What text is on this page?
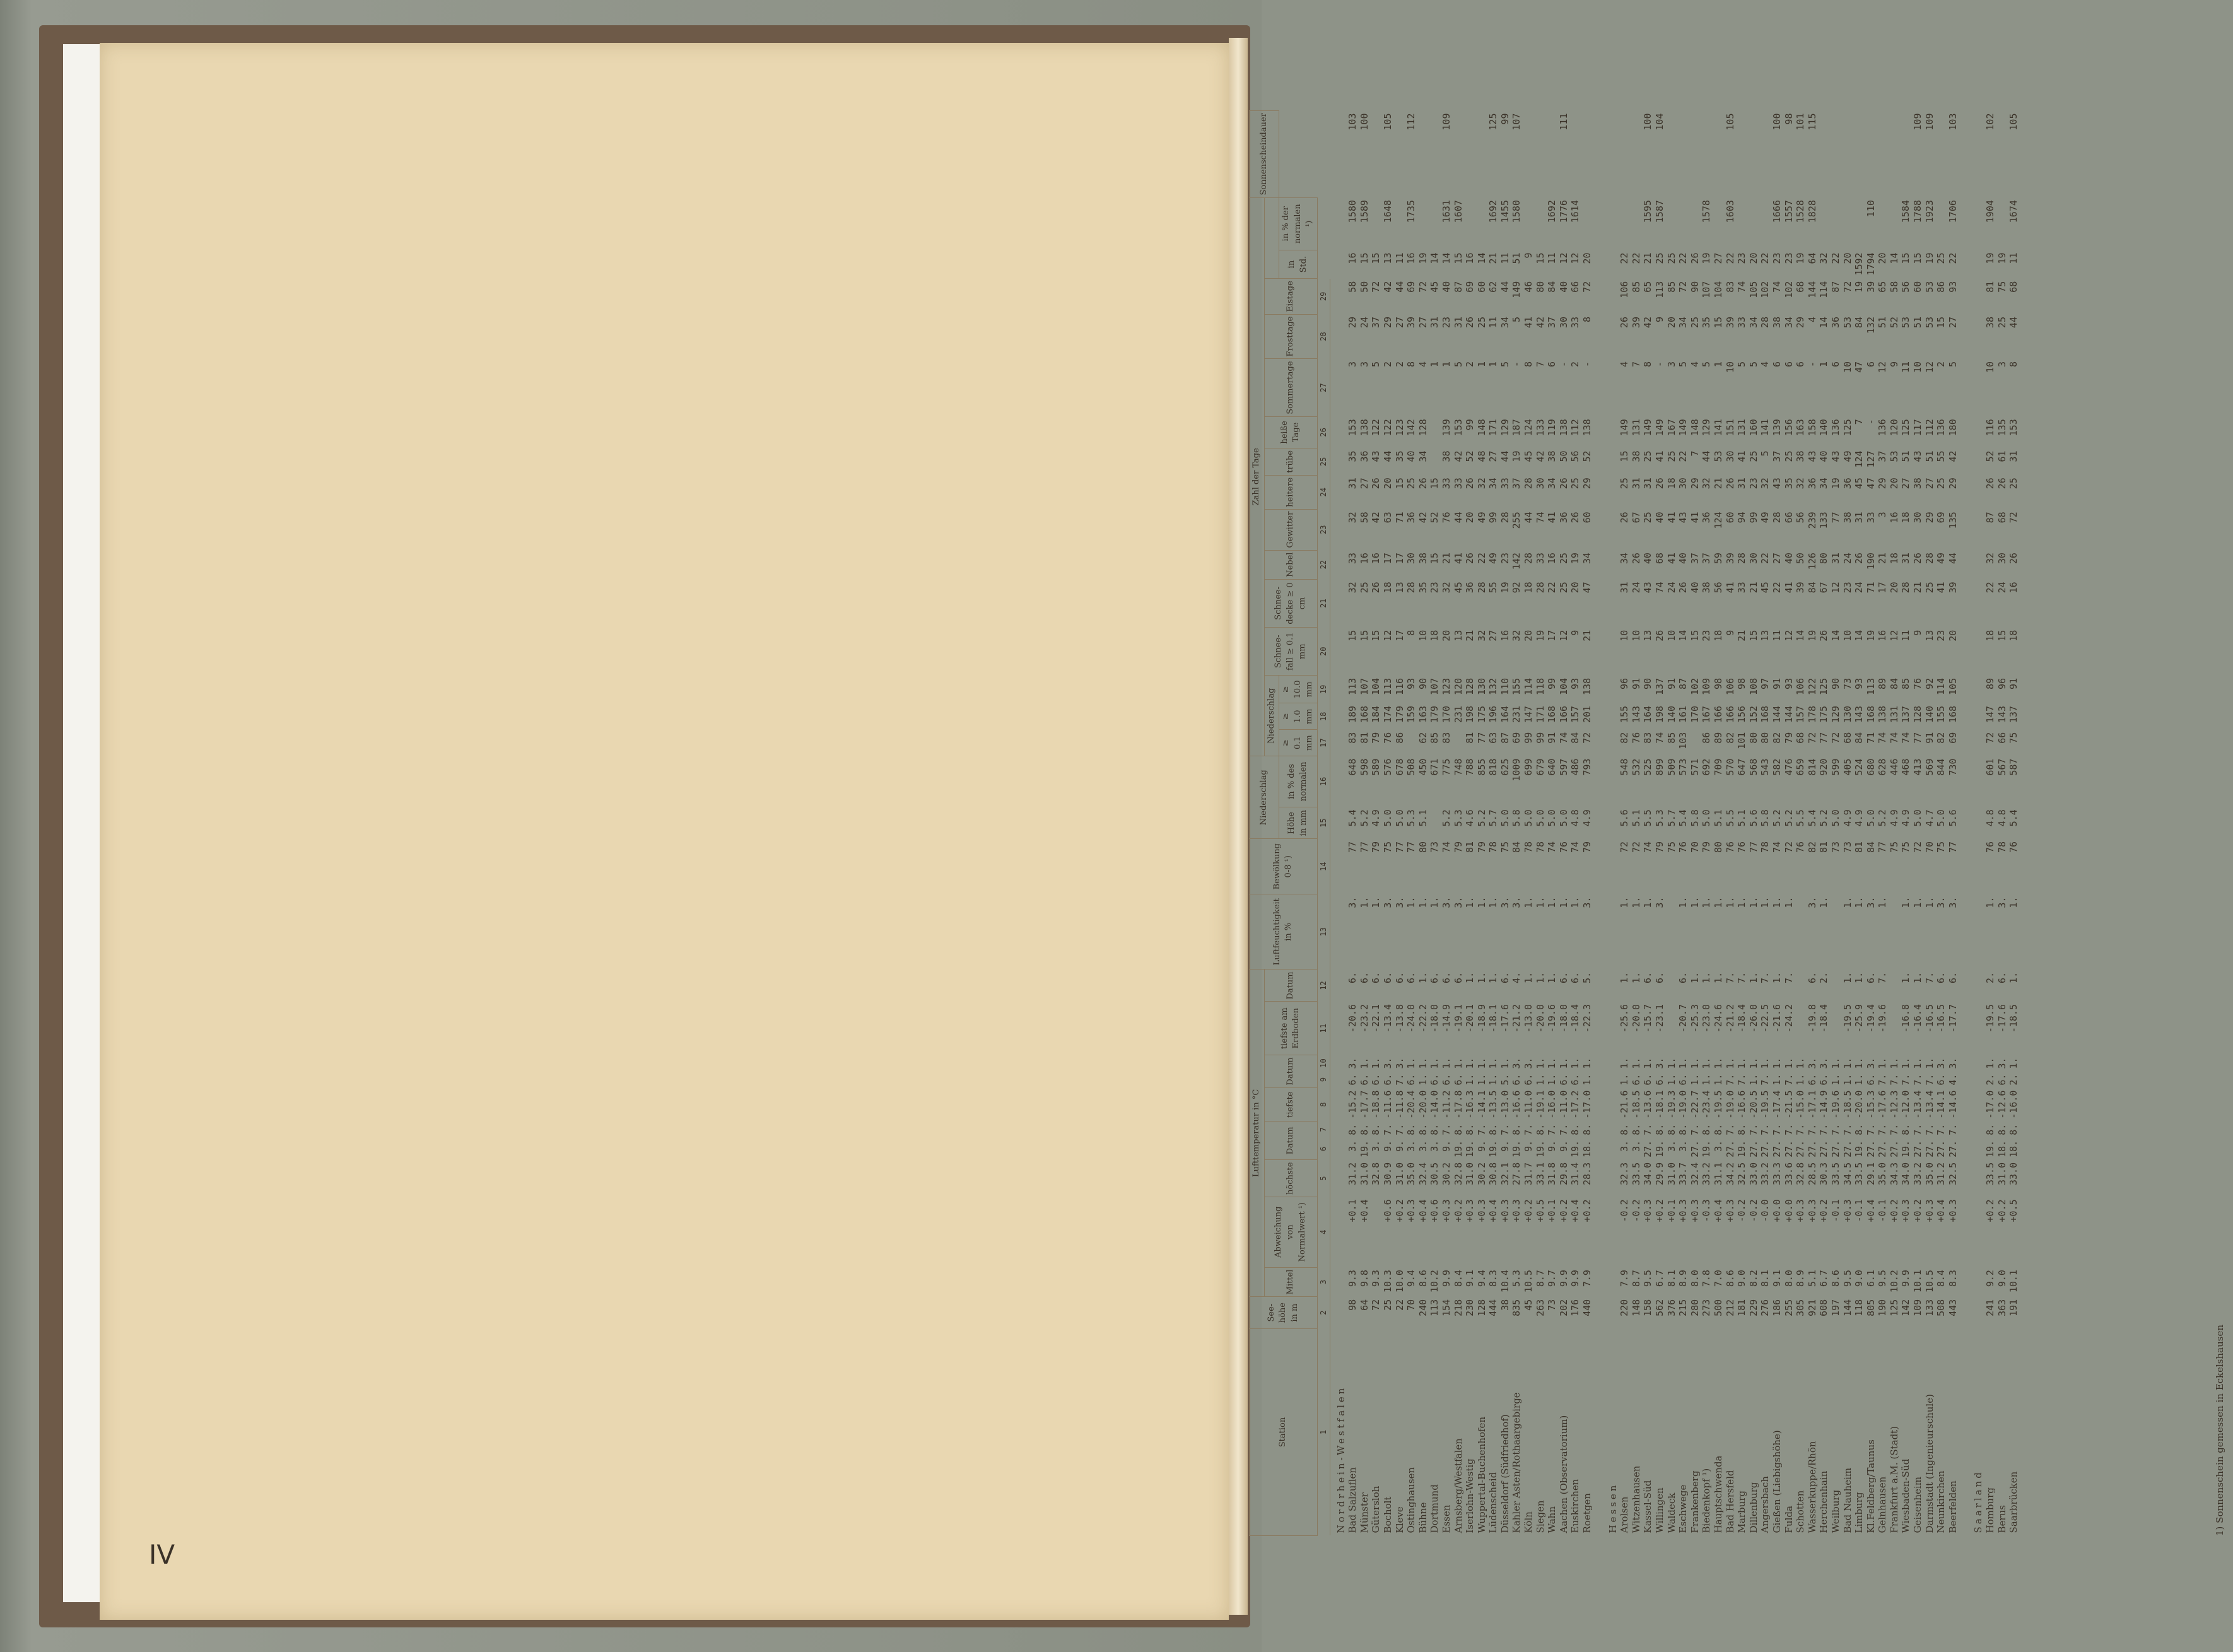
IV
Station	See-höhe in m	Lufttemperatur in °C										Luftfeuchtigkeit in %	Bewölkung 0-8 ¹)	Niederschlag		Zahl der Tage															Sonnenscheindauer
		Mittel	Abweichung von Normalwert ¹)	höchste	Datum		tiefste	Datum		tiefste am Erdboden	Datum					Niederschlag			Schnee-fall ≥ 0.1 mm	Schnee-decke ≥ 0 cm	Nebel	Gewitter	heitere	trübe	heiße Tage	Sommertage	Frosttage	Eistage			
														Höhe in mm	in % des normalen	≥ 0.1 mm	≥ 1.0 mm	≥ 10.0 mm											in Std.	in % der normalen ¹)	
1	2	3	4	5	6	7	8	9	10	11	12	13	14	15	16	17	18	19	20	21	22	23	24	25	26	27	28	29			
Nordrhein-Westfalen																															
Bad Salzuflen	98	9.3	+0.1	31.2	3.	8.	-15.2	6.	3.	-20.6	6.	3.	77	5.4	648	83	189	113	15	32	33	32	31	35	153	3	29	58	16	1580	103
Münster	64	9.8	+0.4	31.0	19.	8.	-17.7	6.	1.	-23.2	6.	1.	77	5.2	598	81	168	107	15	25	16	58	27	36	138	3	24	50	15	1589	100
Gütersloh	72	9.3		32.8	3.	8.	-18.8	6.	1.	-22.1	6.	1.	79	4.9	589	79	184	104	15	26	16	42	26	43	122	5	37	72	15		
Bocholt	25	10.3	+0.6	30.9	9.	7.	-11.6	6.	3.	-13.4	6.	3.	75	5.0	576	76	174	113	12	18	17	63	20	44	122	2	29	42	13	1648	105
Kleve	22	10.0	+0.2	31.0	9.	7.	-11.8	7.	3.	-13.8	6.	3.	77	5.0	678	86	179	116	17	13	17	71	15	35	123	2	27	44	11		
Ostinghausen	70	9.4	+0.3	35.0	3.	8.	-20.4	6.	1.	-24.0	6.	1.	77	5.3	508		159	93	8	28	30	36	25	40	142	8	39	69	16	1735	112
Bühne	240	8.6	+0.4	32.4	3.	8.	-20.0	1.	1.	-22.2	1.	1.	80	5.1	450	62	163	90	10	35	38	42	26	34	128	4	27	72	19		
Dortmund	113	10.2	+0.6	30.5	3.	8.	-14.0	6.	1.	-18.0	6.	1.	73		671	85	179	107	18	23	15	52	15			1	31	45	14		
Essen	154	9.9	+0.3	30.2	9.	7.	-11.2	6.	1.	-14.9	6.	3.	74	5.2	775	83	170	123	20	32	21	76	33	38	139	1	23	40	14	1631	109
Arnsberg/Westfalen	218	8.4	+0.2	32.8	19.	8.	-17.8	6.	1.	-19.1	6.	3.	79	5.3	748		231	120	13	45	41	44	33	42	153	5	31	87	15	1607	
Iserlohn-Westig	230	9.1	+0.3	31.0	19.	8.	-16.3	1.	1.	-20.1	1.	1.	81	4.6	788	81	198	128	21	36	26	20	26	52	99	2	26	69	16		
Wuppertal-Buchenhofen	128	9.4	+0.3	30.2	9.	7.	-14.1	1.	1.	-18.9	1.	1.	79	5.2	855	77	175	130	32	28	22	49	32	48	148	1	25	60	14		
Lüdenscheid	444	8.3	+0.4	30.8	19.	8.	-13.5	1.	1.	-18.1	1.	1.	78	5.7	818	63	196	132	27	55	49	99	34	27	171	1	11	62	21	1692	125
Düsseldorf (Südfriedhof)	38	10.4	+0.3	32.1	9.	7.	-13.0	5.	1.	-17.6	6.	3.	75	5.0	625	87	164	110	16	19	23	28	33	44	129	5	34	44	11	1455	99
Kahler Asten/Rothaargebirge	835	5.3	+0.3	27.8	19.	8.	-16.6	6.	3.	-21.2	4.	3.	84	5.8	1009	69	231	155	32	92	142	255	37	19	187	-	5	149	51	1580	107
Köln	45	10.5	+0.2	31.7	9.	7.	-11.0	6.	3.	-13.0	1.	1.	78	5.0	699	99	147	114	20	18	28	44	28	45	124	8	41	46	9		
Siegen	263	8.7	+0.5	33.1	19.	8.	-19.1	1.	1.	-20.0	1.	1.	78	5.0	679	99	171	118	19	28	33	74	30	42	133	7	42	80	15		
Wahn	73	9.7	+0.1	31.8	9.	7.	-16.0	1.	1.	-19.6	1.	1.	74	5.0	640	91	168	99	17	22	16	41	34	38	119	6	37	84	11	1692	
Aachen (Observatorium)	202	9.9	+0.2	29.8	9.	7.	-11.0	6.	1.	-18.0	6.	1.	76	5.0	597	74	166	104	12	25	25	36	26	50	138	-	30	40	12	1776	111
Euskirchen	176	9.9	+0.4	31.4	19.	8.	-17.2	6.	1.	-18.4	6.	1.	74	4.8	486	84	157	93	9	20	19	26	25	56	112	2	33	66	12	1614	
Roetgen	440	7.9	+0.2	28.3	18.	8.	-17.0	1.	1.	-22.3	5.	3.	79	4.9	793	72	201	138	21	47	34	60	29	52	138	-	8	72	20		

Hessen																															
Arolsen	220	7.9	-0.2	32.3	3.	8.	-21.6	1.	1.	-25.6	1.	1.	72	5.6	548	82	155	96	10	31	34	26	25	15	149	4	26	106	22		
Witzenhausen	148	8.7	-0.2	33.5	3.	8.	-18.5	6.	1.	-20.0	1.	1.	72	5.1	532	76	143	91	10	24	26	67	31	38	131	7	39	85	22		
Kassel-Süd	158	9.5	+0.3	34.0	27.	7.	-13.6	6.	1.	-15.7	6.	1.	74	5.5	525	83	164	90	13	43	40	25	31	25	149	8	42	65	21	1595	100
Willingen	562	6.7	+0.2	29.9	19.	8.	-18.1	6.	3.	-23.1	6.	3.	79	5.3	899	74	198	137	26	74	68	40	26	41	149	-	9	113	25	1587	104
Waldeck	376	8.1	+0.1	31.0	3.	8.	-19.3	1.	1.				75	5.7	509	85	140	91	10	24	41	41	18	25	167	3	20	85	25		
Eschwege	215	8.9	+0.3	33.7	3.	8.	-19.0	6.	1.	-20.7	6.	1.	76	5.4	573	103	161	87	14	26	40	43	30	22	149	5	34	72	22		
Frankenberg	280	8.0	+0.3	32.4	27.	7.	-22.7	1.	1.	-25.3	1.	1.	70	5.8	571		170	102	15	40	37	41	29	7	148	4	25	90	26		
Biedenkopf ¹)	273	7.8	-0.3	33.2	19.	8.	-23.4	1.	1.	-23.0	1.	1.	79	5.0	692	86	167	109	23	38	37	36	32	44	129	5	35	107	19	1578	
Hauptschwenda	500	7.0	+0.4	31.1	3.	8.	-19.5	1.	1.	-24.6	1.	1.	80	5.1	709	89	166	98	18	56	59	124	21	53	141	1	15	104	27		
Bad Hersfeld	212	8.6	+0.3	34.2	27.	7.	-19.0	7.	1.	-21.2	7.	1.	76	5.5	570	82	166	106	9	41	39	60	26	30	151	10	39	83	22	1603	105
Marburg	181	9.0	-0.2	32.5	19.	8.	-16.6	7.	1.	-18.4	7.	1.	76	5.1	647	101	156	98	21	33	28	94	31	41	131	5	33	74	23		
Dillenburg	229	8.2	-0.2	33.0	27.	7.	-20.5	1.	1.	-26.0	1.	1.	77	5.6	568	80	152	108	15	21	30	99	23	25	160	5	34	105	20		
Angersbach	276	8.1	-0.0	33.2	27.	7.	-19.5	7.	1.	-22.5	7.	1.	78	5.8	543	80	168	97	13	45	22	49	32	5	141	4	28	102	22		
Gießen (Liebigshöhe)	186	9.1	+0.0	33.3	27.	7.	-17.4	1.	1.	-21.6	1.	1.	74	5.2	582	82	144	91	11	22	27	28	43	37	139	6	38	74	23	1666	100
Fulda	255	8.0	+0.0	33.6	27.	7.	-21.5	7.	1.	-24.2	7.	1.	72	5.2	476	79	144	93	12	41	40	66	35	25	156	6	34	102	23	1557	98
Schotten	305	8.9	+0.3	32.8	27.	7.	-15.0	1.	1.				76	5.5	659	68	157	106	14	39	50	56	32	38	163	6	29	68	19	1528	101
Wasserkuppe/Rhön	921	5.1	+0.3	28.5	27.	7.	-17.1	6.	3.	-19.8	6.	3.	82	5.4	814	72	178	122	19	84	126	239	36	43	158	-	4	144	64	1828	115
Herchenhain	608	6.7	+0.2	30.3	27.	7.	-14.9	6.	3.	-18.4	2.	1.	81	5.2	920	77	175	125	26	67	80	133	34	40	140	1	14	114	32		
Weilburg	197	8.6	-0.1	33.5	27.	7.	-19.6	1.	1.				73	5.0	599	72	129	90	14	12	31	77	19	43	136	6	36	87	22		
Bad Nauheim	144	9.5	+0.3	34.5	27.	7.	-18.5	1.	1.	-19.5	1.	1.	73	4.9	405	68	130	73	10	23	24	38	36	49	125	10	53	72	20		
Limburg	118	9.0	-0.1	33.5	19.	8.	-20.0	1.	1.	-25.9	1.	1.	81	4.9	524	84	143	93	14	24	26	31	45	124	7	47	84	19	1592		
Kl.Feldberg/Taunus	805	6.1	+0.4	29.1	27.	7.	-15.3	6.	3.	-19.4	6.	3.	84	5.0	680	71	168	113	19	71	190	33	47	127	-	6	132	39	1794	110	
Gelnhausen	190	9.5	-0.1	35.0	27.	7.	-17.6	7.	1.	-19.6	7.	1.	77	5.2	628	74	138	89	16	17	21	3	29	37	136	12	51	65	20		
Frankfurt a.M. (Stadt)	125	10.2	+0.2	34.3	27.	7.	-12.3	7.	1.				75	4.9	446	74	131	84	12	20	18	16	20	53	120	9	52	58	14		
Wiesbaden-Süd	142	9.9	+0.3	34.0	19.	8.	-12.0	7.	1.	-16.8	1.	1.	75	4.9	468	74	137	85	11	28	31	18	27	51	125	11	53	56	15	1584	
Geisenheim	109	10.1	+0.2	33.2	27.	7.	-13.4	7.	1.	-16.4	1.	1.	72	5.0	413	77	128	76	9	21	26	30	38	43	117	10	51	60	15	1788	109
Darmstadt (Ingenieurschule)	133	10.5	+0.3	35.0	27.	7.	-13.4	7.	1.	-16.5	7.	1.	70	4.7	569	91	140	92	13	25	28	29	27	51	112	12	53	53	19	1923	109
Neunkirchen	508	8.4	+0.4	31.2	27.	7.	-14.1	6.	3.	-16.5	6.	3.	75	5.0	844	82	155	114	23	41	49	69	25	55	136	2	15	86	25		
Beerfelden	443	8.3	+0.3	32.5	27.	7.	-14.6	4.	3.	-17.7	6.	3.	77	5.6	730	69	168	105	20	39	44	135	29	42	180	5	27	93	22	1706	103

Saarland																															
Homburg	241	9.2	+0.2	33.5	19.	8.	-17.0	2.	1.	-19.5	2.	1.	76	4.8	601	72	147	89	18	22	32	87	26	52	116	10	38	81	19	1904	102
Berus	363	9.0	+0.2	31.0	18.	8.	-12.6	6.	3.	-17.6	6.	3.	78	4.8	567	66	143	96	15	24	30	68	26	61	135	3	25	75	19		
Saarbrücken	191	10.1	+0.5	33.0	18.	8.	-16.0	2.	1.	-18.5	1.	1.	76	5.4	587	75	137	91	18	16	26	72	25	31	153	8	44	68	11	1674	105

1) Sonnenschein gemessen in Eckelshausen
